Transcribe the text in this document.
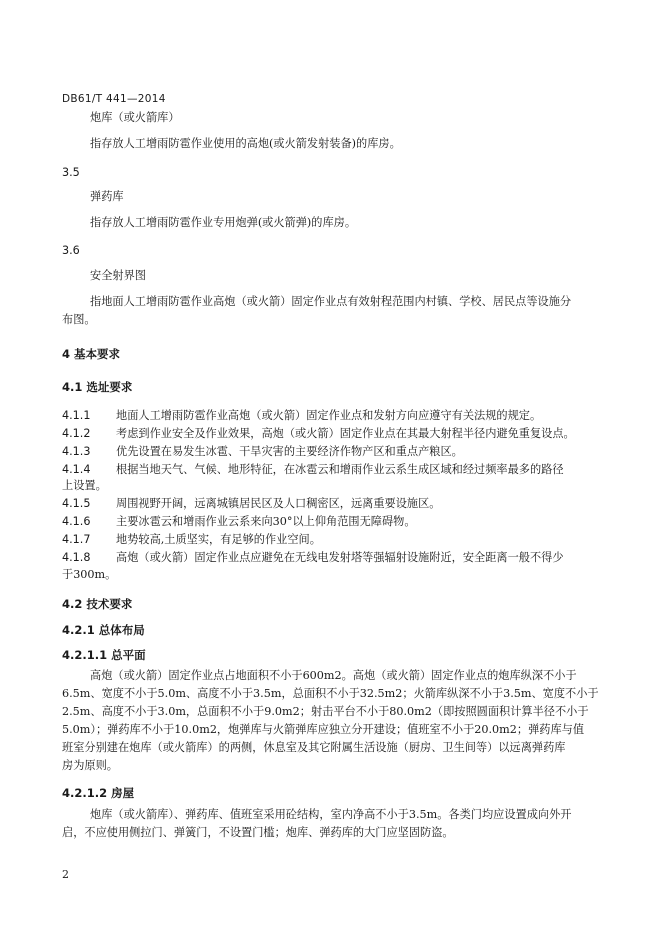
DB61/T 441—2014
炮库（或火箭库）
指存放人工增雨防雹作业使用的高炮(或火箭发射装备)的库房。
3.5
弹药库
指存放人工增雨防雹作业专用炮弹(或火箭弹)的库房。
3.6
安全射界图
指地面人工增雨防雹作业高炮（或火箭）固定作业点有效射程范围内村镇、学校、居民点等设施分
布图。
4 基本要求
4.1 选址要求
4.1.1 地面人工增雨防雹作业高炮（或火箭）固定作业点和发射方向应遵守有关法规的规定。
4.1.2 考虑到作业安全及作业效果，高炮（或火箭）固定作业点在其最大射程半径内避免重复设点。
4.1.3 优先设置在易发生冰雹、干旱灾害的主要经济作物产区和重点产粮区。
4.1.4 根据当地天气、气候、地形特征，在冰雹云和增雨作业云系生成区域和经过频率最多的路径
上设置。
4.1.5 周围视野开阔，远离城镇居民区及人口稠密区，远离重要设施区。
4.1.6 主要冰雹云和增雨作业云系来向30°以上仰角范围无障碍物。
4.1.7 地势较高,土质坚实，有足够的作业空间。
4.1.8 高炮（或火箭）固定作业点应避免在无线电发射塔等强辐射设施附近，安全距离一般不得少
于300m。
4.2 技术要求
4.2.1 总体布局
4.2.1.1 总平面
高炮（或火箭）固定作业点占地面积不小于600m2。高炮（或火箭）固定作业点的炮库纵深不小于
6.5m、宽度不小于5.0m、高度不小于3.5m，总面积不小于32.5m2；火箭库纵深不小于3.5m、宽度不小于
2.5m、高度不小于3.0m，总面积不小于9.0m2；射击平台不小于80.0m2（即按照圆面积计算半径不小于
5.0m）；弹药库不小于10.0m2，炮弹库与火箭弹库应独立分开建设；值班室不小于20.0m2；弹药库与值
班室分别建在炮库（或火箭库）的两侧，休息室及其它附属生活设施（厨房、卫生间等）以远离弹药库
房为原则。
4.2.1.2 房屋
炮库（或火箭库）、弹药库、值班室采用砼结构，室内净高不小于3.5m。各类门均应设置成向外开
启，不应使用侧拉门、弹簧门，不设置门槛；炮库、弹药库的大门应坚固防盗。
2
